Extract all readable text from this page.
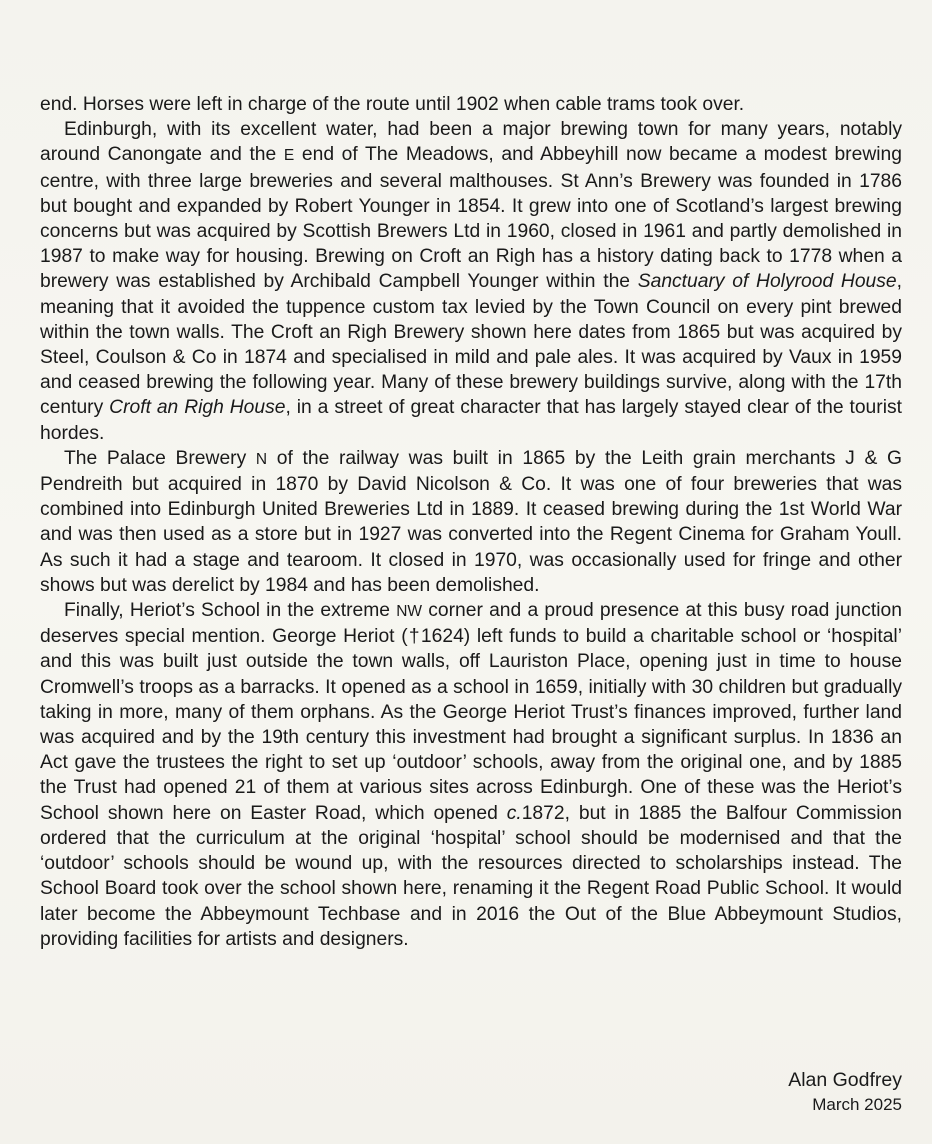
end. Horses were left in charge of the route until 1902 when cable trams took over.

Edinburgh, with its excellent water, had been a major brewing town for many years, notably around Canongate and the E end of The Meadows, and Abbeyhill now became a modest brewing centre, with three large breweries and several malthouses. St Ann’s Brewery was founded in 1786 but bought and expanded by Robert Younger in 1854. It grew into one of Scotland’s largest brewing concerns but was acquired by Scottish Brewers Ltd in 1960, closed in 1961 and partly demolished in 1987 to make way for housing. Brewing on Croft an Righ has a history dating back to 1778 when a brewery was established by Archibald Campbell Younger within the Sanctuary of Holyrood House, meaning that it avoided the tuppence custom tax levied by the Town Council on every pint brewed within the town walls. The Croft an Righ Brewery shown here dates from 1865 but was acquired by Steel, Coulson & Co in 1874 and specialised in mild and pale ales. It was acquired by Vaux in 1959 and ceased brewing the following year. Many of these brewery buildings survive, along with the 17th century Croft an Righ House, in a street of great character that has largely stayed clear of the tourist hordes.

The Palace Brewery N of the railway was built in 1865 by the Leith grain merchants J & G Pendreith but acquired in 1870 by David Nicolson & Co. It was one of four breweries that was combined into Edinburgh United Breweries Ltd in 1889. It ceased brewing during the 1st World War and was then used as a store but in 1927 was converted into the Regent Cinema for Graham Youll. As such it had a stage and tearoom. It closed in 1970, was occasionally used for fringe and other shows but was derelict by 1984 and has been demolished.

Finally, Heriot’s School in the extreme NW corner and a proud presence at this busy road junction deserves special mention. George Heriot (†1624) left funds to build a charitable school or ‘hospital’ and this was built just outside the town walls, off Lauriston Place, opening just in time to house Cromwell’s troops as a barracks. It opened as a school in 1659, initially with 30 children but gradually taking in more, many of them orphans. As the George Heriot Trust’s finances improved, further land was acquired and by the 19th century this investment had brought a significant surplus. In 1836 an Act gave the trustees the right to set up ‘outdoor’ schools, away from the original one, and by 1885 the Trust had opened 21 of them at various sites across Edinburgh. One of these was the Heriot’s School shown here on Easter Road, which opened c.1872, but in 1885 the Balfour Commission ordered that the curriculum at the original ‘hospital’ school should be modernised and that the ‘outdoor’ schools should be wound up, with the resources directed to scholarships instead. The School Board took over the school shown here, renaming it the Regent Road Public School. It would later become the Abbeymount Techbase and in 2016 the Out of the Blue Abbeymount Studios, providing facilities for artists and designers.

Alan Godfrey
March 2025
